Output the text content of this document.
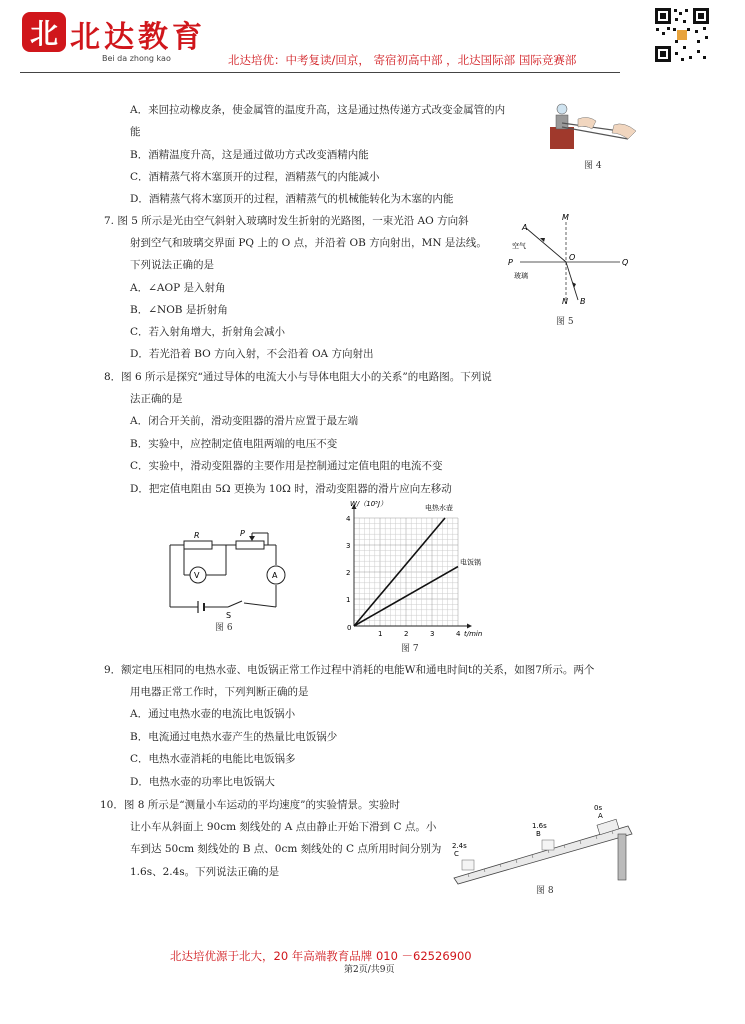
北 北达教育
Bei da zhong kao	北达培优：中考复读/回京， 寄宿初高中部 ，北达国际部 国际竞赛部
A．来回拉动橡皮条，使金属管的温度升高，这是通过热传递方式改变金属管的内
能
B．酒精温度升高，这是通过做功方式改变酒精内能
C．酒精蒸气将木塞顶开的过程，酒精蒸气的内能减小
D．酒精蒸气将木塞顶开的过程，酒精蒸气的机械能转化为木塞的内能
图 4
7. 图 5 所示是光由空气斜射入玻璃时发生折射的光路图，一束光沿 AO 方向斜
射到空气和玻璃交界面 PQ 上的 O 点，并沿着 OB 方向射出，MN 是法线。
下列说法正确的是
A．∠AOP 是入射角
B．∠NOB 是折射角
C．若入射角增大，折射角会减小
D．若光沿着 BO 方向入射，不会沿着 OA 方向射出
M
N
P	Q
O
A
B
空气
玻璃
图 5
8．图 6 所示是探究“通过导体的电流大小与导体电阻大小的关系”的电路图。下列说
法正确的是
A．闭合开关前，滑动变阻器的滑片应置于最左端
B．实验中，应控制定值电阻两端的电压不变
C．实验中，滑动变阻器的主要作用是控制通过定值电阻的电流不变
D．把定值电阻由 5Ω 更换为 10Ω 时，滑动变阻器的滑片应向左移动
R	P
V	A
S
图 6
1	2	3	4
1
2
3
4
0
W/（10⁵J）
t/min
电热水壶
电饭锅
图 7
9．额定电压相同的电热水壶、电饭锅正常工作过程中消耗的电能W和通电时间t的关系，如图7所示。两个
用电器正常工作时，下列判断正确的是
A．通过电热水壶的电流比电饭锅小
B．电流通过电热水壶产生的热量比电饭锅少
C．电热水壶消耗的电能比电饭锅多
D．电热水壶的功率比电饭锅大
10．图 8 所示是“测量小车运动的平均速度”的实验情景。实验时
让小车从斜面上 90cm 刻线处的 A 点由静止开始下滑到 C 点。小
车到达 50cm 刻线处的 B 点、0cm 刻线处的 C 点所用时间分别为
1.6s、2.4s。下列说法正确的是
0s
A
1.6s
B
2.4s
C
图 8
北达培优源于北大，20 年高端教育品牌 010 －62526900
第2页/共9页
